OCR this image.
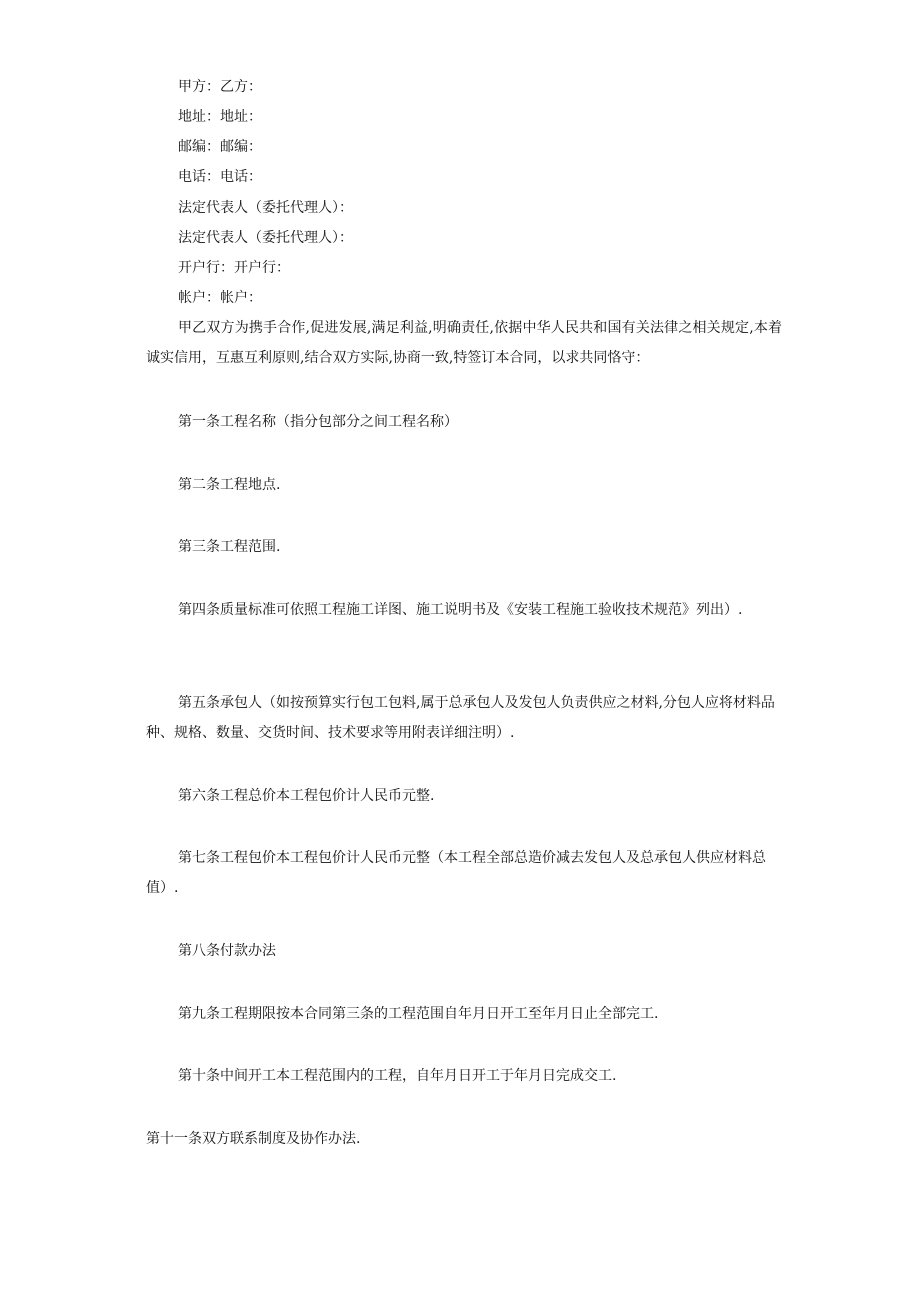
甲方：乙方：
地址：地址：
邮编：邮编：
电话：电话：
法定代表人（委托代理人）：
法定代表人（委托代理人）：
开户行：开户行：
帐户：帐户：

甲乙双方为携手合作,促进发展,满足利益,明确责任,依据中华人民共和国有关法律之相关规定,本着诚实信用，互惠互利原则,结合双方实际,协商一致,特签订本合同，以求共同恪守：

第一条工程名称（指分包部分之间工程名称）

第二条工程地点.

第三条工程范围.

第四条质量标准可依照工程施工详图、施工说明书及《安装工程施工验收技术规范》列出）.

第五条承包人（如按预算实行包工包料,属于总承包人及发包人负责供应之材料,分包人应将材料品种、规格、数量、交货时间、技术要求等用附表详细注明）.

第六条工程总价本工程包价计人民币元整.

第七条工程包价本工程包价计人民币元整（本工程全部总造价减去发包人及总承包人供应材料总值）.

第八条付款办法

第九条工程期限按本合同第三条的工程范围自年月日开工至年月日止全部完工.

第十条中间开工本工程范围内的工程，自年月日开工于年月日完成交工.

第十一条双方联系制度及协作办法.
